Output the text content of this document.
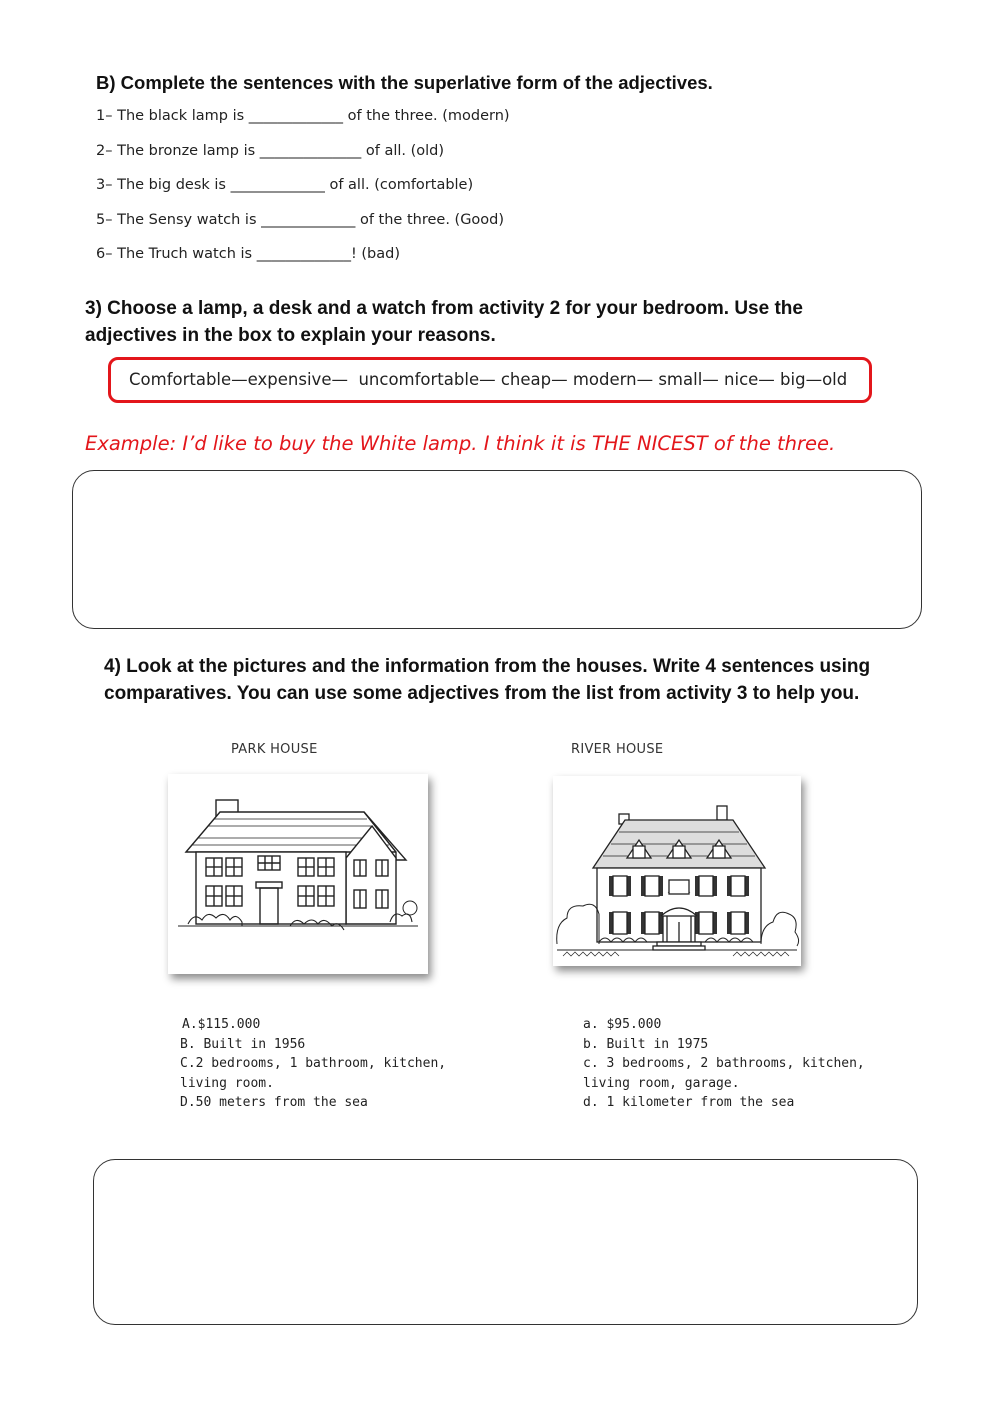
B) Complete the sentences with the superlative form of the adjectives.
1– The black lamp is _____________ of the three. (modern)
2– The bronze lamp is ______________ of all. (old)
3– The big desk is _____________ of all. (comfortable)
5– The Sensy watch is _____________ of the three. (Good)
6– The Truch watch is _____________! (bad)
3) Choose a lamp, a desk and a watch from activity 2 for your bedroom. Use the
adjectives in the box to explain your reasons.
Comfortable—expensive—  uncomfortable— cheap— modern— small— nice— big—old
Example: I’d like to buy the White lamp. I think it is THE NICEST of the three.
4) Look at the pictures and the information from the houses. Write 4 sentences using
comparatives. You can use some adjectives from the list from activity 3 to help you.
PARK HOUSE	RIVER HOUSE
A.$115.000
B. Built in 1956
C.2 bedrooms, 1 bathroom, kitchen,
living room.
D.50 meters from the sea
a. $95.000
b. Built in 1975
c. 3 bedrooms, 2 bathrooms, kitchen,
living room, garage.
d. 1 kilometer from the sea
